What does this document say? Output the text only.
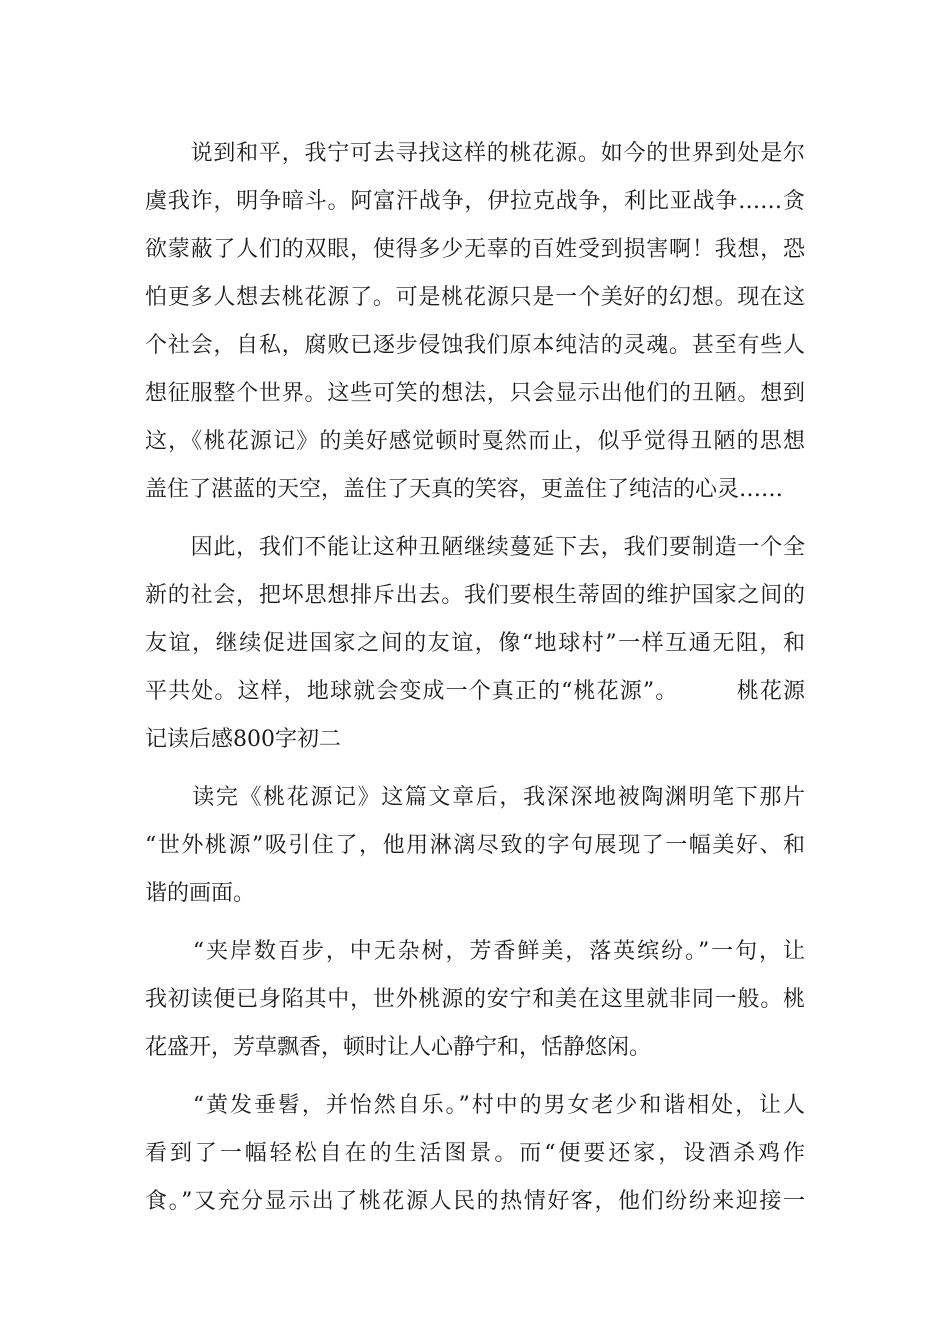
　　说到和平，我宁可去寻找这样的桃花源。如今的世界到处是尔
虞我诈，明争暗斗。阿富汗战争，伊拉克战争，利比亚战争……贪
欲蒙蔽了人们的双眼，使得多少无辜的百姓受到损害啊！我想，恐
怕更多人想去桃花源了。可是桃花源只是一个美好的幻想。现在这
个社会，自私，腐败已逐步侵蚀我们原本纯洁的灵魂。甚至有些人
想征服整个世界。这些可笑的想法，只会显示出他们的丑陋。想到
这，《桃花源记》的美好感觉顿时戛然而止，似乎觉得丑陋的思想
盖住了湛蓝的天空，盖住了天真的笑容，更盖住了纯洁的心灵……
　　因此，我们不能让这种丑陋继续蔓延下去，我们要制造一个全
新的社会，把坏思想排斥出去。我们要根生蒂固的维护国家之间的
友谊，继续促进国家之间的友谊，像“地球村”一样互通无阻，和
平共处。这样，地球就会变成一个真正的“桃花源”。　　　桃花源
记读后感800字初二
　　读完《桃花源记》这篇文章后，我深深地被陶渊明笔下那片
“世外桃源”吸引住了，他用淋漓尽致的字句展现了一幅美好、和
谐的画面。
　　“夹岸数百步，中无杂树，芳香鲜美，落英缤纷。”一句，让
我初读便已身陷其中，世外桃源的安宁和美在这里就非同一般。桃
花盛开，芳草飘香，顿时让人心静宁和，恬静悠闲。
　　“黄发垂髫，并怡然自乐。”村中的男女老少和谐相处，让人
看到了一幅轻松自在的生活图景。而“便要还家，设酒杀鸡作
食。”又充分显示出了桃花源人民的热情好客，他们纷纷来迎接一
